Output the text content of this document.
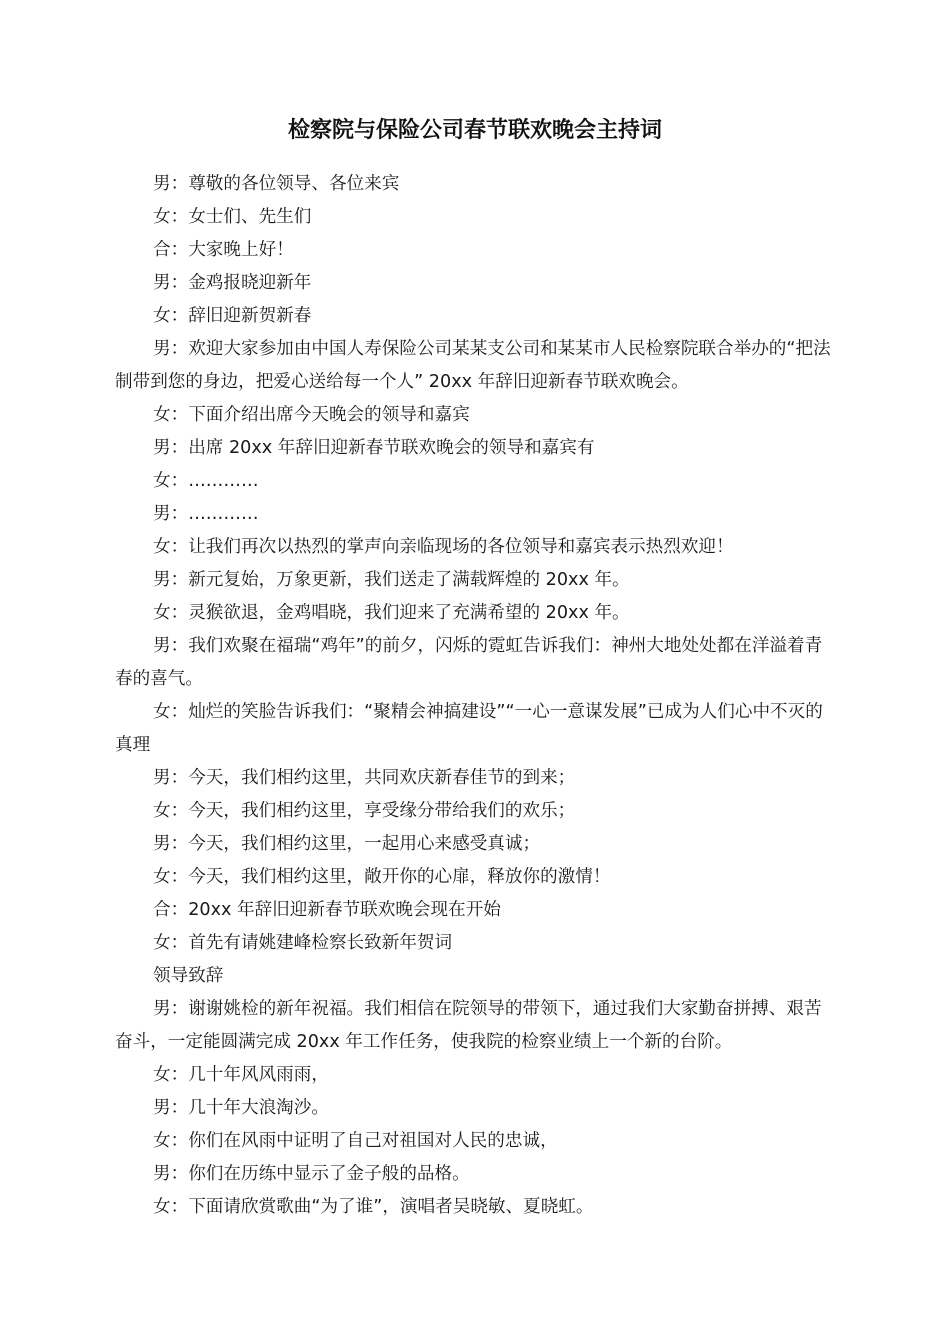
检察院与保险公司春节联欢晚会主持词

男：尊敬的各位领导、各位来宾

女：女士们、先生们

合：大家晚上好！

男：金鸡报晓迎新年

女：辞旧迎新贺新春

男：欢迎大家参加由中国人寿保险公司某某支公司和某某市人民检察院联合举办的“把法制带到您的身边，把爱心送给每一个人” 20xx 年辞旧迎新春节联欢晚会。

女：下面介绍出席今天晚会的领导和嘉宾

男：出席 20xx 年辞旧迎新春节联欢晚会的领导和嘉宾有

女：…………

男：…………

女：让我们再次以热烈的掌声向亲临现场的各位领导和嘉宾表示热烈欢迎！

男：新元复始，万象更新，我们送走了满载辉煌的 20xx 年。

女：灵猴欲退，金鸡唱晓，我们迎来了充满希望的 20xx 年。

男：我们欢聚在福瑞“鸡年”的前夕，闪烁的霓虹告诉我们：神州大地处处都在洋溢着青春的喜气。

女：灿烂的笑脸告诉我们：“聚精会神搞建设”“一心一意谋发展”已成为人们心中不灭的真理

男：今天，我们相约这里，共同欢庆新春佳节的到来；

女：今天，我们相约这里，享受缘分带给我们的欢乐；

男：今天，我们相约这里，一起用心来感受真诚；

女：今天，我们相约这里，敞开你的心扉，释放你的激情！

合：20xx 年辞旧迎新春节联欢晚会现在开始

女：首先有请姚建峰检察长致新年贺词

领导致辞

男：谢谢姚检的新年祝福。我们相信在院领导的带领下，通过我们大家勤奋拼搏、艰苦奋斗，一定能圆满完成 20xx 年工作任务，使我院的检察业绩上一个新的台阶。

女：几十年风风雨雨，

男：几十年大浪淘沙。

女：你们在风雨中证明了自己对祖国对人民的忠诚，

男：你们在历练中显示了金子般的品格。

女：下面请欣赏歌曲“为了谁”，演唱者吴晓敏、夏晓虹。
